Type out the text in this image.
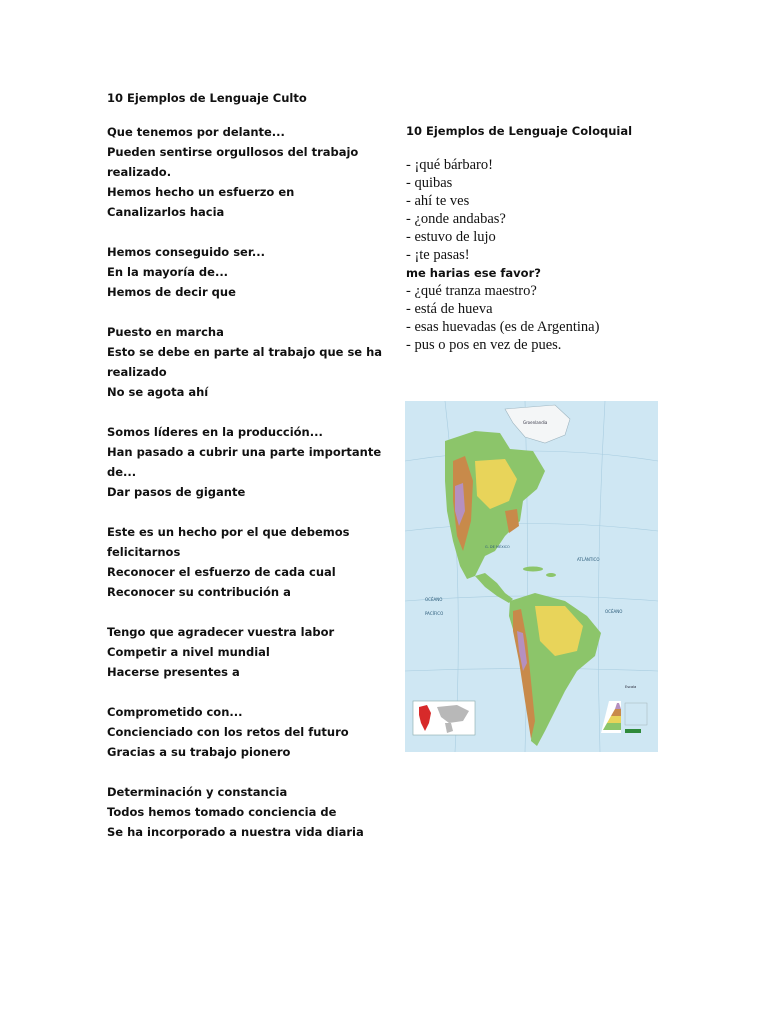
10 Ejemplos de Lenguaje Culto
Que tenemos por delante...
Pueden sentirse orgullosos del trabajo
realizado.
Hemos hecho un esfuerzo en
Canalizarlos hacia
Hemos conseguido ser...
En la mayoría de...
Hemos de decir que
Puesto en marcha
Esto se debe en parte al trabajo que se ha
realizado
No se agota ahí
Somos líderes en la producción...
Han pasado a cubrir una parte importante
de...
Dar pasos de gigante
Este es un hecho por el que debemos
felicitarnos
Reconocer el esfuerzo de cada cual
Reconocer su contribución a
Tengo que agradecer vuestra labor
Competir a nivel mundial
Hacerse presentes a
Comprometido con...
Concienciado con los retos del futuro
Gracias a su trabajo pionero
Determinación y constancia
Todos hemos tomado conciencia de
Se ha incorporado a nuestra vida diaria
10 Ejemplos de Lenguaje Coloquial
- ¡qué bárbaro!
- quibas
- ahí te ves
- ¿onde andabas?
- estuvo de lujo
- ¡te pasas!
me harias ese favor?
- ¿qué tranza maestro?
- está de hueva
- esas huevadas (es de Argentina)
- pus o pos en vez de pues.
Groenlandia
ATLÁNTICO
OCÉANO
PACÍFICO	OCÉANO
G. DE MÉXICO
Escala
